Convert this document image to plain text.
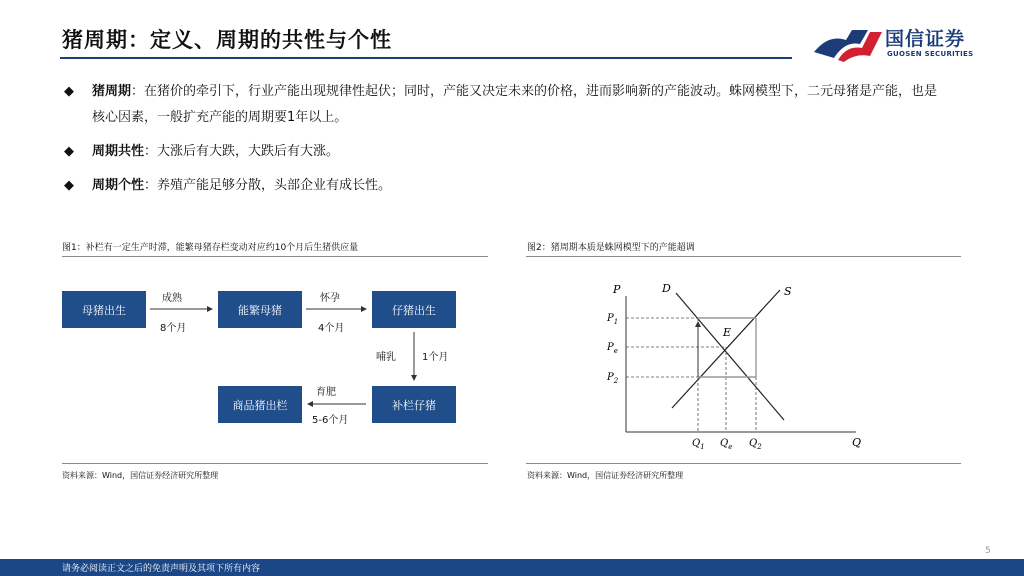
猪周期：定义、周期的共性与个性	国信证券
GUOSEN SECURITIES
◆ 猪周期：在猪价的牵引下，行业产能出现规律性起伏；同时，产能又决定未来的价格，进而影响新的产能波动。蛛网模型下，二元母猪是产能，也是核心因素，一般扩充产能的周期要1年以上。
◆ 周期共性：大涨后有大跌，大跌后有大涨。
◆ 周期个性：养殖产能足够分散，头部企业有成长性。
图1：补栏有一定生产时滞，能繁母猪存栏变动对应约10个月后生猪供应量
资料来源：Wind，国信证券经济研究所整理
母猪出生	能繁母猪	仔猪出生
补栏仔猪
商品猪出栏
成熟
8个月
怀孕
4个月
哺乳	1个月
育肥
5-6个月
图2：猪周期本质是蛛网模型下的产能超调
资料来源：Wind，国信证券经济研究所整理
P
Q
D	S
E
$P_1$
$P_e$
$P_2$
$Q_1$ $Q_e$ $Q_2$
5
请务必阅读正文之后的免责声明及其项下所有内容
